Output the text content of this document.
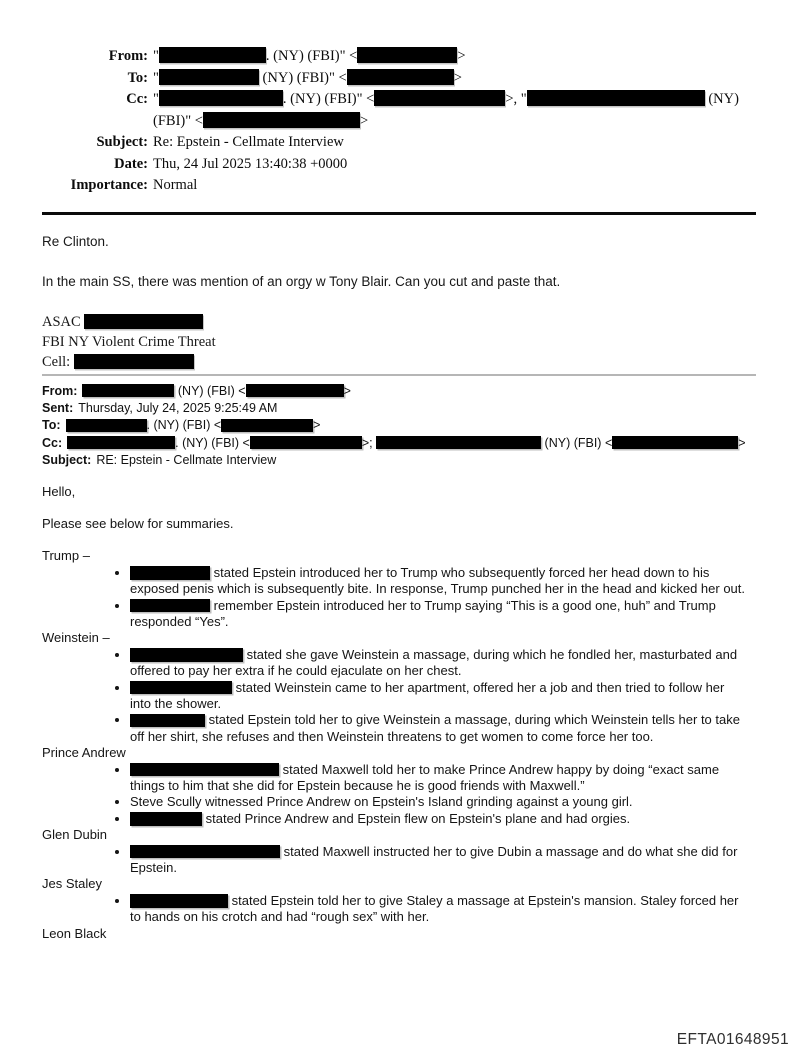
From: "	. (NY) (FBI)" <	>
To: "	(NY) (FBI)" <	>
Cc: "	. (NY) (FBI)" <	>, "	(NY) (FBI)" <	>
Subject: Re: Epstein - Cellmate Interview
Date: Thu, 24 Jul 2025 13:40:38 +0000
Importance: Normal

Re Clinton.

In the main SS, there was mention of an orgy w Tony Blair. Can you cut and paste that.

ASAC
FBI NY Violent Crime Threat
Cell:
From:	(NY) (FBI) <	>
Sent: Thursday, July 24, 2025 9:25:49 AM
To:	. (NY) (FBI) <	>
Cc:	. (NY) (FBI) <	>;	(NY) (FBI) <	>
Subject: RE: Epstein - Cellmate Interview

Hello,

Please see below for summaries.

Trump –
• stated Epstein introduced her to Trump who subsequently forced her head down to his exposed penis which is subsequently bite. In response, Trump punched her in the head and kicked her out.
• remember Epstein introduced her to Trump saying “This is a good one, huh” and Trump responded “Yes”.
Weinstein –
• stated she gave Weinstein a massage, during which he fondled her, masturbated and offered to pay her extra if he could ejaculate on her chest.
• stated Weinstein came to her apartment, offered her a job and then tried to follow her into the shower.
• stated Epstein told her to give Weinstein a massage, during which Weinstein tells her to take off her shirt, she refuses and then Weinstein threatens to get women to come force her too.
Prince Andrew
• stated Maxwell told her to make Prince Andrew happy by doing “exact same things to him that she did for Epstein because he is good friends with Maxwell.”
• Steve Scully witnessed Prince Andrew on Epstein's Island grinding against a young girl.
• stated Prince Andrew and Epstein flew on Epstein's plane and had orgies.
Glen Dubin
• stated Maxwell instructed her to give Dubin a massage and do what she did for Epstein.
Jes Staley
• stated Epstein told her to give Staley a massage at Epstein's mansion. Staley forced her to hands on his crotch and had “rough sex” with her.
Leon Black
EFTA01648951
